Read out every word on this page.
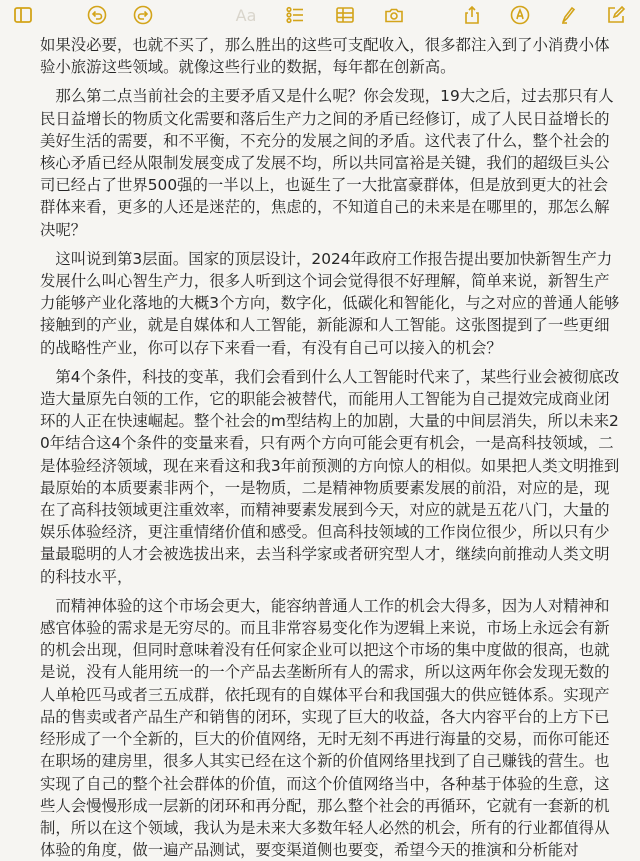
Aa

如果没必要，也就不买了，那么胜出的这些可支配收入，很多都注入到了小消费小体验小旅游这些领域。就像这些行业的数据，每年都在创新高。

　那么第二点当前社会的主要矛盾又是什么呢？你会发现，19大之后，过去那只有人民日益增长的物质文化需要和落后生产力之间的矛盾已经修订，成了人民日益增长的美好生活的需要，和不平衡，不充分的发展之间的矛盾。这代表了什么，整个社会的核心矛盾已经从限制发展变成了发展不均，所以共同富裕是关键，我们的超级巨头公司已经占了世界500强的一半以上，也诞生了一大批富豪群体，但是放到更大的社会群体来看，更多的人还是迷茫的，焦虑的，不知道自己的未来是在哪里的，那怎么解决呢？

　这叫说到第3层面。国家的顶层设计，2024年政府工作报告提出要加快新智生产力发展什么叫心智生产力，很多人听到这个词会觉得很不好理解，简单来说，新智生产力能够产业化落地的大概3个方向，数字化，低碳化和智能化，与之对应的普通人能够接触到的产业，就是自媒体和人工智能，新能源和人工智能。这张图提到了一些更细的战略性产业，你可以存下来看一看，有没有自己可以接入的机会？

　第4个条件，科技的变革，我们会看到什么人工智能时代来了，某些行业会被彻底改造大量原先白领的工作，它的职能会被替代，而能用人工智能为自己提效完成商业闭环的人正在快速崛起。整个社会的m型结构上的加剧，大量的中间层消失，所以未来20年结合这4个条件的变量来看，只有两个方向可能会更有机会，一是高科技领域，二是体验经济领域，现在来看这和我3年前预测的方向惊人的相似。如果把人类文明推到最原始的本质要素非两个，一是物质，二是精神物质要素发展的前沿，对应的是，现在了高科技领域更注重效率，而精神要素发展到今天，对应的就是五花八门，大量的娱乐体验经济，更注重情绪价值和感受。但高科技领域的工作岗位很少，所以只有少量最聪明的人才会被选拔出来，去当科学家或者研究型人才，继续向前推动人类文明的科技水平，

　而精神体验的这个市场会更大，能容纳普通人工作的机会大得多，因为人对精神和感官体验的需求是无穷尽的。而且非常容易变化作为逻辑上来说，市场上永远会有新的机会出现，但同时意味着没有任何家企业可以把这个市场的集中度做的很高，也就是说，没有人能用统一的一个产品去垄断所有人的需求，所以这两年你会发现无数的人单枪匹马或者三五成群，依托现有的自媒体平台和我国强大的供应链体系。实现产品的售卖或者产品生产和销售的闭环，实现了巨大的收益，各大内容平台的上方下已经形成了一个全新的，巨大的价值网络，无时无刻不再进行海量的交易，而你可能还在职场的建房里，很多人其实已经在这个新的价值网络里找到了自己赚钱的营生。也实现了自己的整个社会群体的价值，而这个价值网络当中，各种基于体验的生意，这些人会慢慢形成一层新的闭环和再分配，那么整个社会的再循环，它就有一套新的机制，所以在这个领域，我认为是未来大多数年轻人必然的机会，所有的行业都值得从体验的角度，做一遍产品测试，要变渠道侧也要变，希望今天的推演和分析能对
